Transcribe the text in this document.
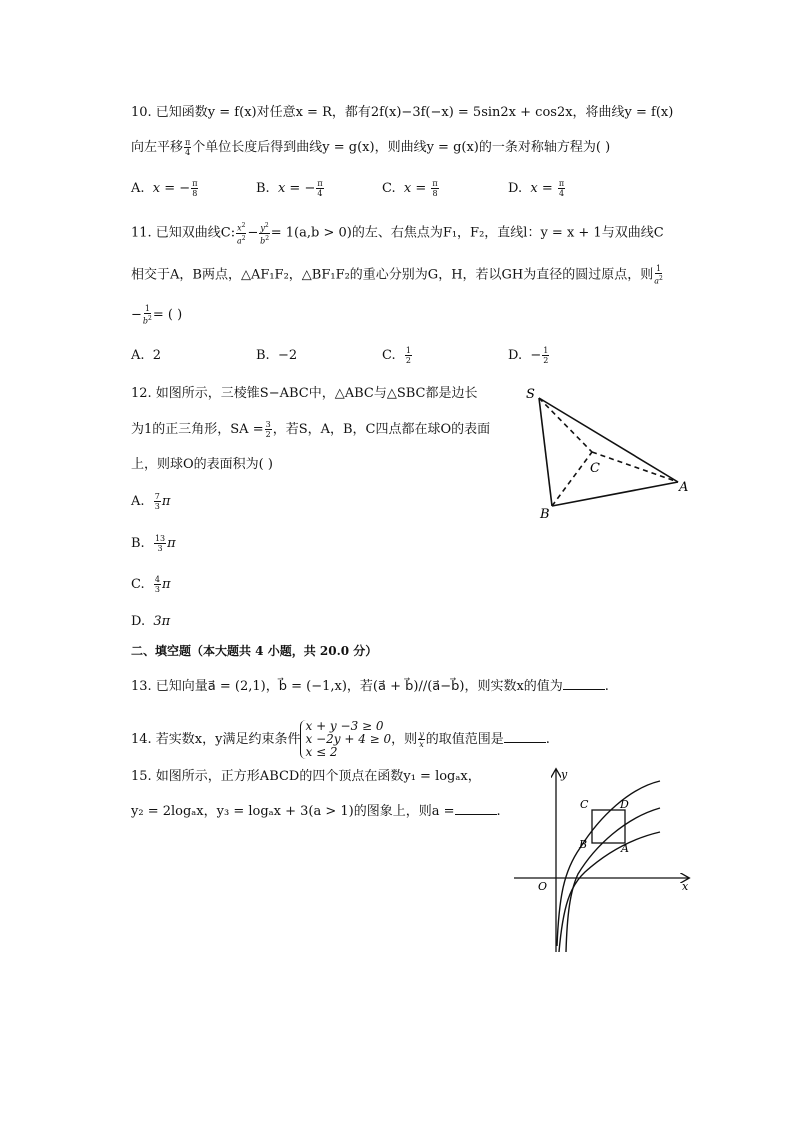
10. 已知函数y = f(x)对任意x = R，都有2f(x)−3f(−x) = 5sin2x + cos2x，将曲线y = f(x)
向左平移 $\frac{\pi}{4}$ 个单位长度后得到曲线y = g(x)，则曲线y = g(x)的一条对称轴方程为( )
A. x = − $\frac{\pi}{8}$	B. x = − $\frac{\pi}{4}$	C. $x = \frac{\pi}{8}$	D. $x = \frac{\pi}{4}$
11. 已知双曲线C: $\frac{x^2}{a^2} - \frac{y^2}{b^2} = 1(a,b > 0)$的左、右焦点为F₁，F₂，直线l：y = x + 1与双曲线C
相交于A，B两点，△AF₁F₂，△BF₁F₂的重心分别为G，H，若以GH为直径的圆过原点，则 $\frac{1}{a^2}$
− $\frac{1}{b^2}$ = ( )
A. 2	B. −2	C. $\frac{1}{2}$	D. − $\frac{1}{2}$
12. 如图所示，三棱锥S−ABC中，△ABC与△SBC都是边长
为1的正三角形，SA = $\frac{3}{2}$ ，若S，A，B，C四点都在球O的表面
上，则球O的表面积为( )
A. $\frac{7}{3}$ π
B. $\frac{13}{3}$ π
C. $\frac{4}{3}$ π
D. 3π
S
A
B
C
二、填空题（本大题共 4 小题，共 20.0 分）
13. 已知向量a⃗ = (2,1)，b⃗ = (−1,x)，若(a⃗ + b⃗)//(a⃗−b⃗)，则实数x的值为	.
14. 若实数x，y满足约束条件x + y −3 ≥ 0
x −2y + 4 ≥ 0
x ≤ 2，则 $\frac{y}{x}$ 的取值范围是	.
15. 如图所示，正方形ABCD的四个顶点在函数y₁ = logₐx，
y₂ = 2logₐx，y₃ = logₐx + 3(a > 1)的图象上，则a =	.
x
y
O
C	D
B	A
